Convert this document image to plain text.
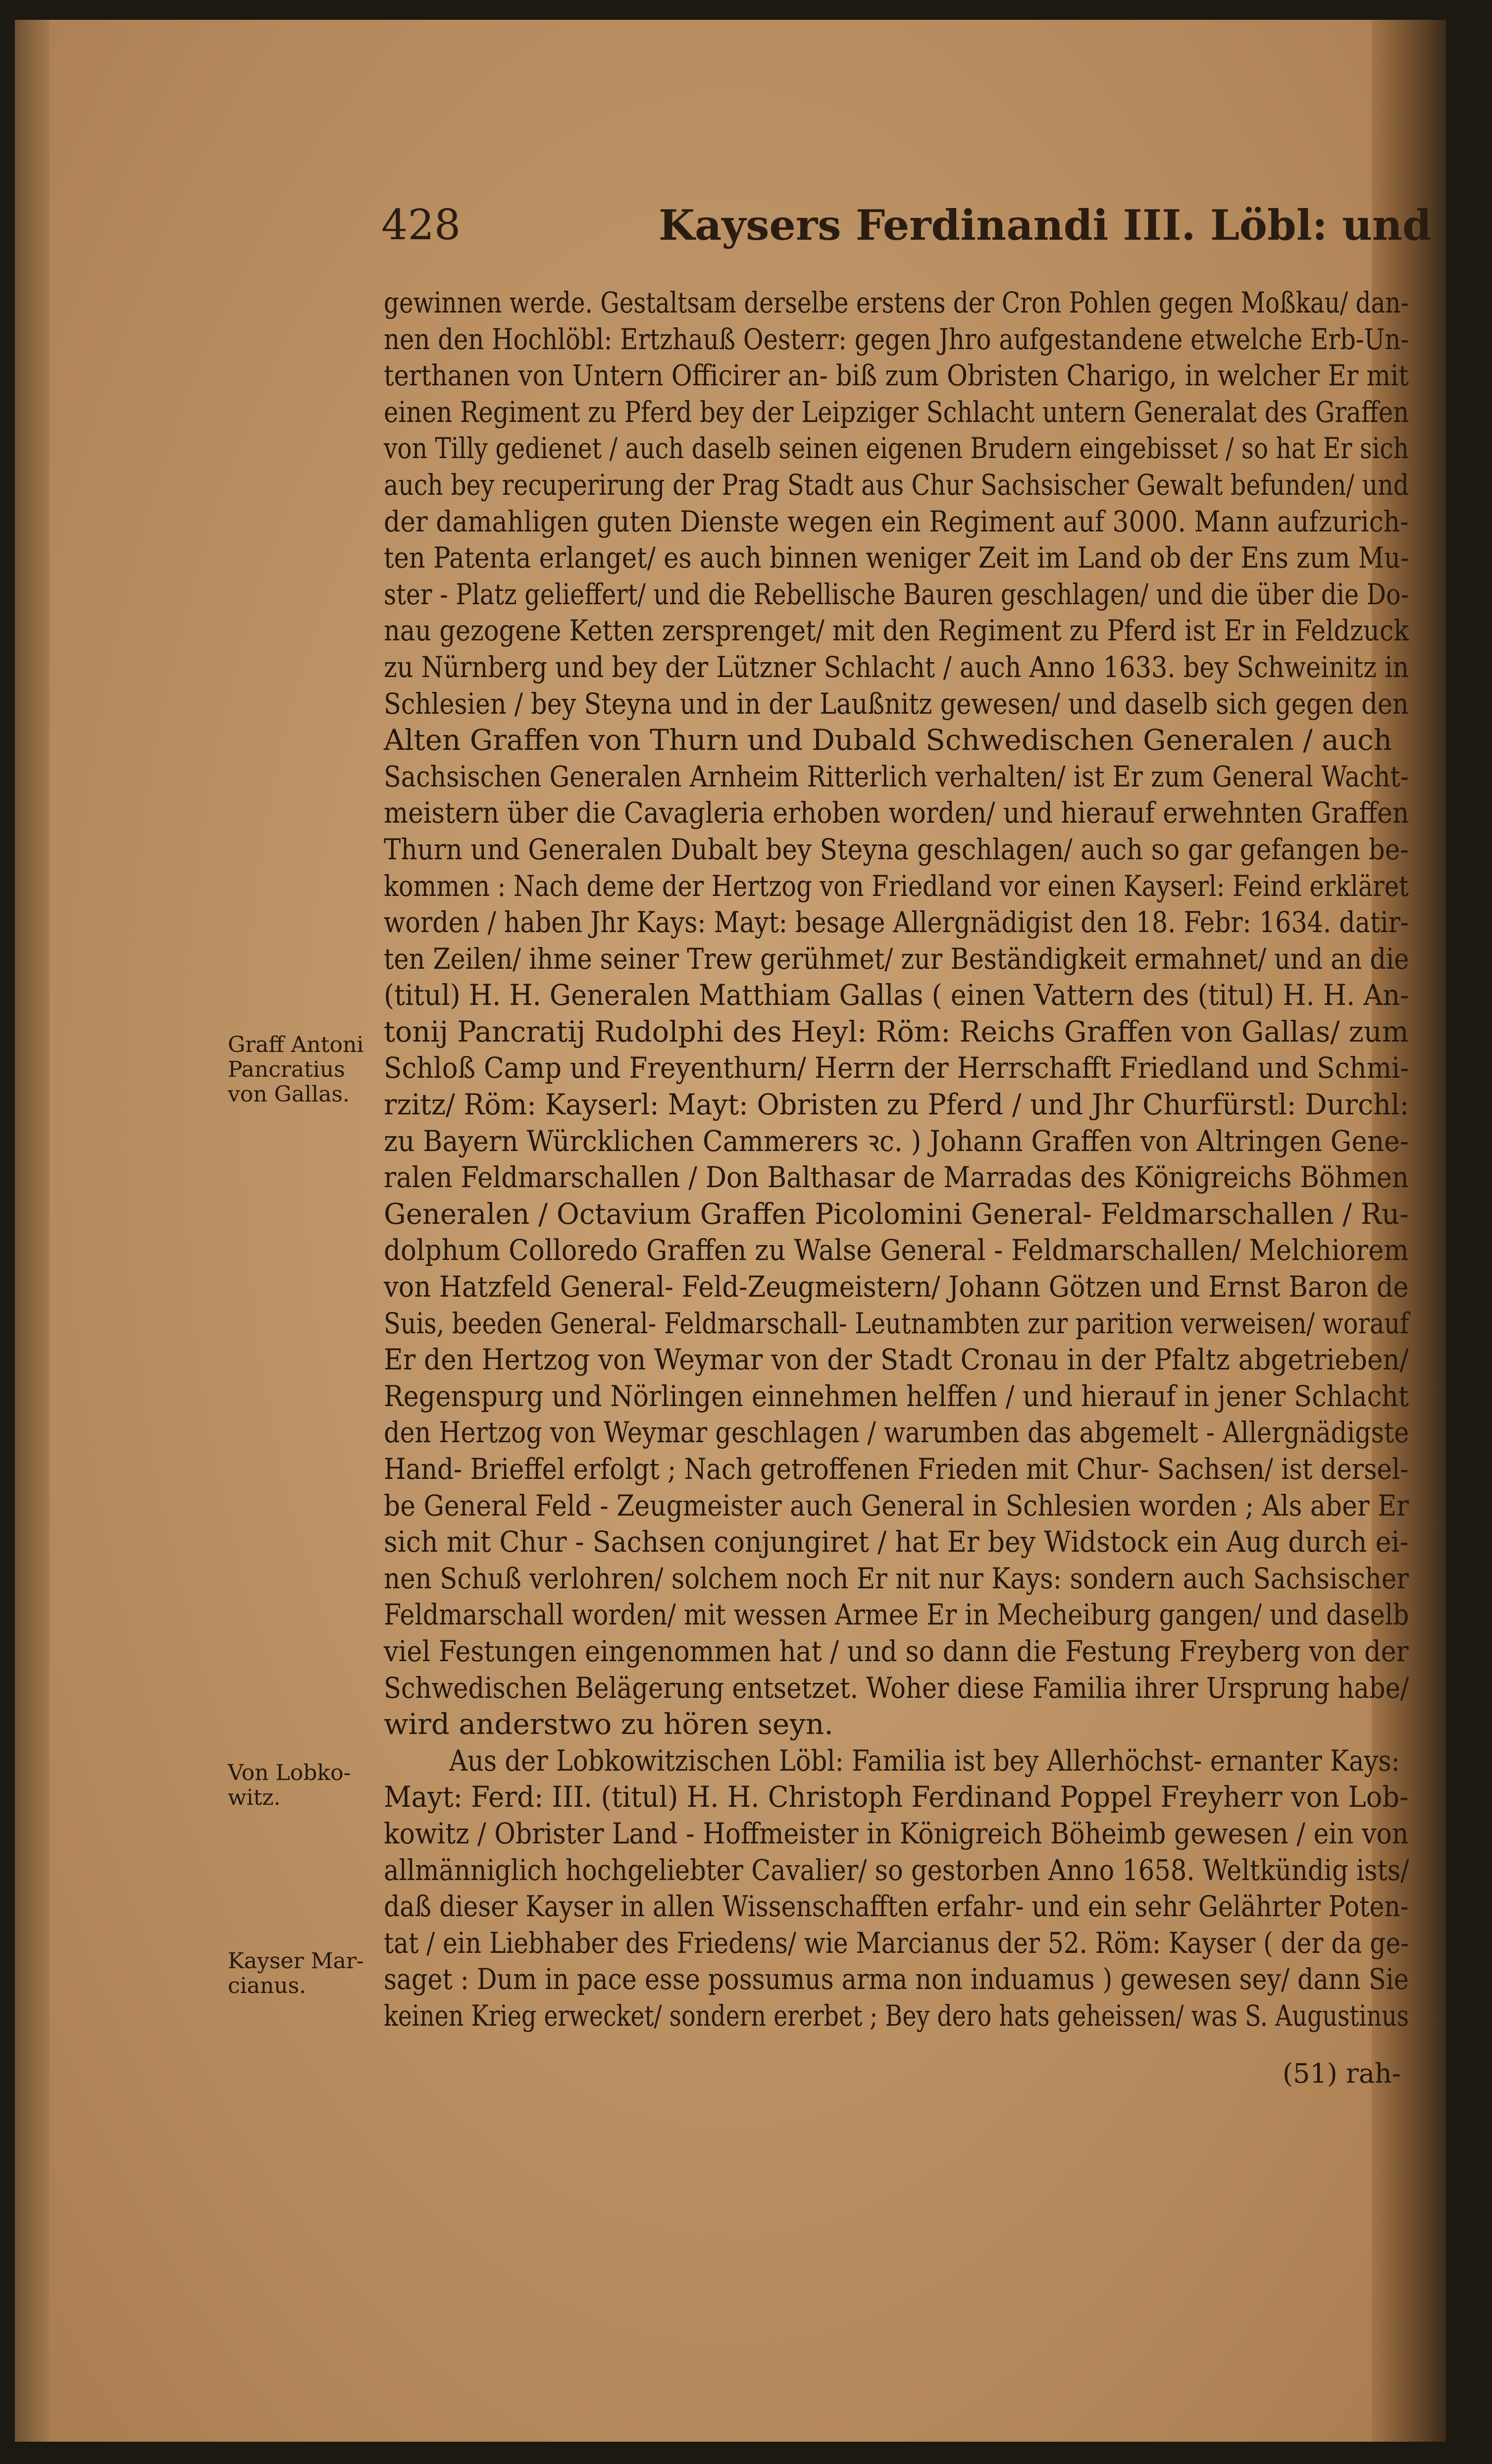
428	Kaysers Ferdinandi III. Löbl: und
Graff Antoni
Pancratius
von Gallas.
Von Lobko-
witz.
Kayser Mar-
cianus.
gewinnen werde. Gestaltsam derselbe erstens der Cron Pohlen gegen Moßkau/ dan-
nen den Hochlöbl: Ertzhauß Oesterr: gegen Jhro aufgestandene etwelche Erb-Un-
terthanen von Untern Officirer an- biß zum Obristen Charigo, in welcher Er mit
einen Regiment zu Pferd bey der Leipziger Schlacht untern Generalat des Graffen
von Tilly gedienet / auch daselb seinen eigenen Brudern eingebisset / so hat Er sich
auch bey recuperirung der Prag Stadt aus Chur Sachsischer Gewalt befunden/ und
der damahligen guten Dienste wegen ein Regiment auf 3000. Mann aufzurich-
ten Patenta erlanget/ es auch binnen weniger Zeit im Land ob der Ens zum Mu-
ster - Platz gelieffert/ und die Rebellische Bauren geschlagen/ und die über die Do-
nau gezogene Ketten zersprenget/ mit den Regiment zu Pferd ist Er in Feldzuck
zu Nürnberg und bey der Lützner Schlacht / auch Anno 1633. bey Schweinitz in
Schlesien / bey Steyna und in der Laußnitz gewesen/ und daselb sich gegen den
Alten Graffen von Thurn und Dubald Schwedischen Generalen / auch
Sachsischen Generalen Arnheim Ritterlich verhalten/ ist Er zum General Wacht-
meistern über die Cavagleria erhoben worden/ und hierauf erwehnten Graffen
Thurn und Generalen Dubalt bey Steyna geschlagen/ auch so gar gefangen be-
kommen : Nach deme der Hertzog von Friedland vor einen Kayserl: Feind erkläret
worden / haben Jhr Kays: Mayt: besage Allergnädigist den 18. Febr: 1634. datir-
ten Zeilen/ ihme seiner Trew gerühmet/ zur Beständigkeit ermahnet/ und an die
(titul) H. H. Generalen Matthiam Gallas ( einen Vattern des (titul) H. H. An-
tonij Pancratij Rudolphi des Heyl: Röm: Reichs Graffen von Gallas/ zum
Schloß Camp und Freyenthurn/ Herrn der Herrschafft Friedland und Schmi-
rzitz/ Röm: Kayserl: Mayt: Obristen zu Pferd / und Jhr Churfürstl: Durchl:
zu Bayern Würcklichen Cammerers ꝛc. ) Johann Graffen von Altringen Gene-
ralen Feldmarschallen / Don Balthasar de Marradas des Königreichs Böhmen
Generalen / Octavium Graffen Picolomini General- Feldmarschallen / Ru-
dolphum Colloredo Graffen zu Walse General - Feldmarschallen/ Melchiorem
von Hatzfeld General- Feld-Zeugmeistern/ Johann Götzen und Ernst Baron de
Suis, beeden General- Feldmarschall- Leutnambten zur parition verweisen/ worauf
Er den Hertzog von Weymar von der Stadt Cronau in der Pfaltz abgetrieben/
Regenspurg und Nörlingen einnehmen helffen / und hierauf in jener Schlacht
den Hertzog von Weymar geschlagen / warumben das abgemelt - Allergnädigste
Hand- Brieffel erfolgt ; Nach getroffenen Frieden mit Chur- Sachsen/ ist dersel-
be General Feld - Zeugmeister auch General in Schlesien worden ; Als aber Er
sich mit Chur - Sachsen conjungiret / hat Er bey Widstock ein Aug durch ei-
nen Schuß verlohren/ solchem noch Er nit nur Kays: sondern auch Sachsischer
Feldmarschall worden/ mit wessen Armee Er in Mecheiburg gangen/ und daselb
viel Festungen eingenommen hat / und so dann die Festung Freyberg von der
Schwedischen Belägerung entsetzet. Woher diese Familia ihrer Ursprung habe/
wird anderstwo zu hören seyn.
Aus der Lobkowitzischen Löbl: Familia ist bey Allerhöchst- ernanter Kays:
Mayt: Ferd: III. (titul) H. H. Christoph Ferdinand Poppel Freyherr von Lob-
kowitz / Obrister Land - Hoffmeister in Königreich Böheimb gewesen / ein von
allmänniglich hochgeliebter Cavalier/ so gestorben Anno 1658. Weltkündig ists/
daß dieser Kayser in allen Wissenschafften erfahr- und ein sehr Gelährter Poten-
tat / ein Liebhaber des Friedens/ wie Marcianus der 52. Röm: Kayser ( der da ge-
saget : Dum in pace esse possumus arma non induamus ) gewesen sey/ dann Sie
keinen Krieg erwecket/ sondern ererbet ; Bey dero hats geheissen/ was S. Augustinus
(51) rah-
